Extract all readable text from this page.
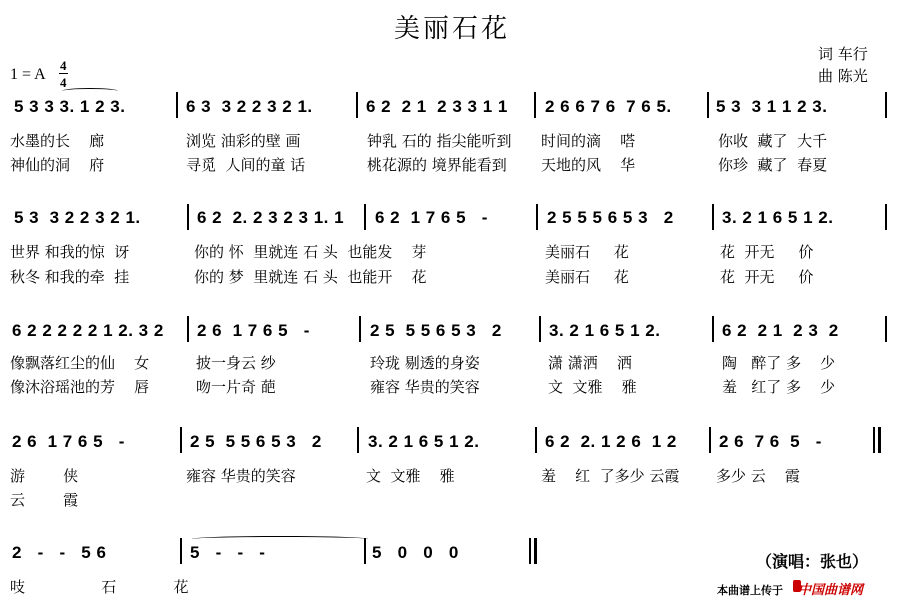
美丽石花
词 车行
曲 陈光
1 = A
4
4
5 3 3 3. 1 2 3.	6 3  3 2 2 3 2 1.	6 2  2 1  2 3 3 1 1 2 6 6 7 6  7 6 5.	5 3  3 1 1 2 3.
水墨的长    廊	浏览 油彩的壁 画	钟乳 石的 指尖能听到 时间的滴    嗒	你收  藏了  大千
神仙的洞    府	寻觅  人间的童 话	桃花源的 境界能看到 天地的风    华	你珍  藏了  春夏
5 3  3 2 2 3 2 1.	6 2  2. 2 3 2 3 1. 1 6 2  1 7 6 5   -	2 5 5 5 6 5 3   2	3. 2 1 6 5 1 2.
世界 和我的惊  讶	你的 怀  里就连 石 头  也能发    芽	美丽石     花	花  开无     价
秋冬 和我的牵  挂	你的 梦  里就连 石 头  也能开    花	美丽石     花	花  开无     价
6 2 2 2 2 2 1 2. 3 2 2 6  1 7 6 5   -	2 5  5 5 6 5 3   2	3. 2 1 6 5 1 2.	6 2  2 1  2 3  2
像飘落红尘的仙    女	披一身云 纱	玲珑 剔透的身姿	潇 潇洒    洒	陶   醉了 多    少
像沐浴瑶池的芳    唇	吻一片奇 葩	雍容 华贵的笑容	文  文雅    雅	羞   红了 多    少
2 6  1 7 6 5   -	2 5  5 5 6 5 3   2	3. 2 1 6 5 1 2.	6 2  2. 1 2 6  1 2 2 6  7 6  5   -
游        侠	雍容 华贵的笑容	文  文雅    雅	羞    红  了多少 云霞 多少 云    霞
云        霞
2   -   -   5 6	5   -   -   -	5   0   0   0
吱                石            花
（演唱：张也）
本曲谱上传于 中国曲谱网
